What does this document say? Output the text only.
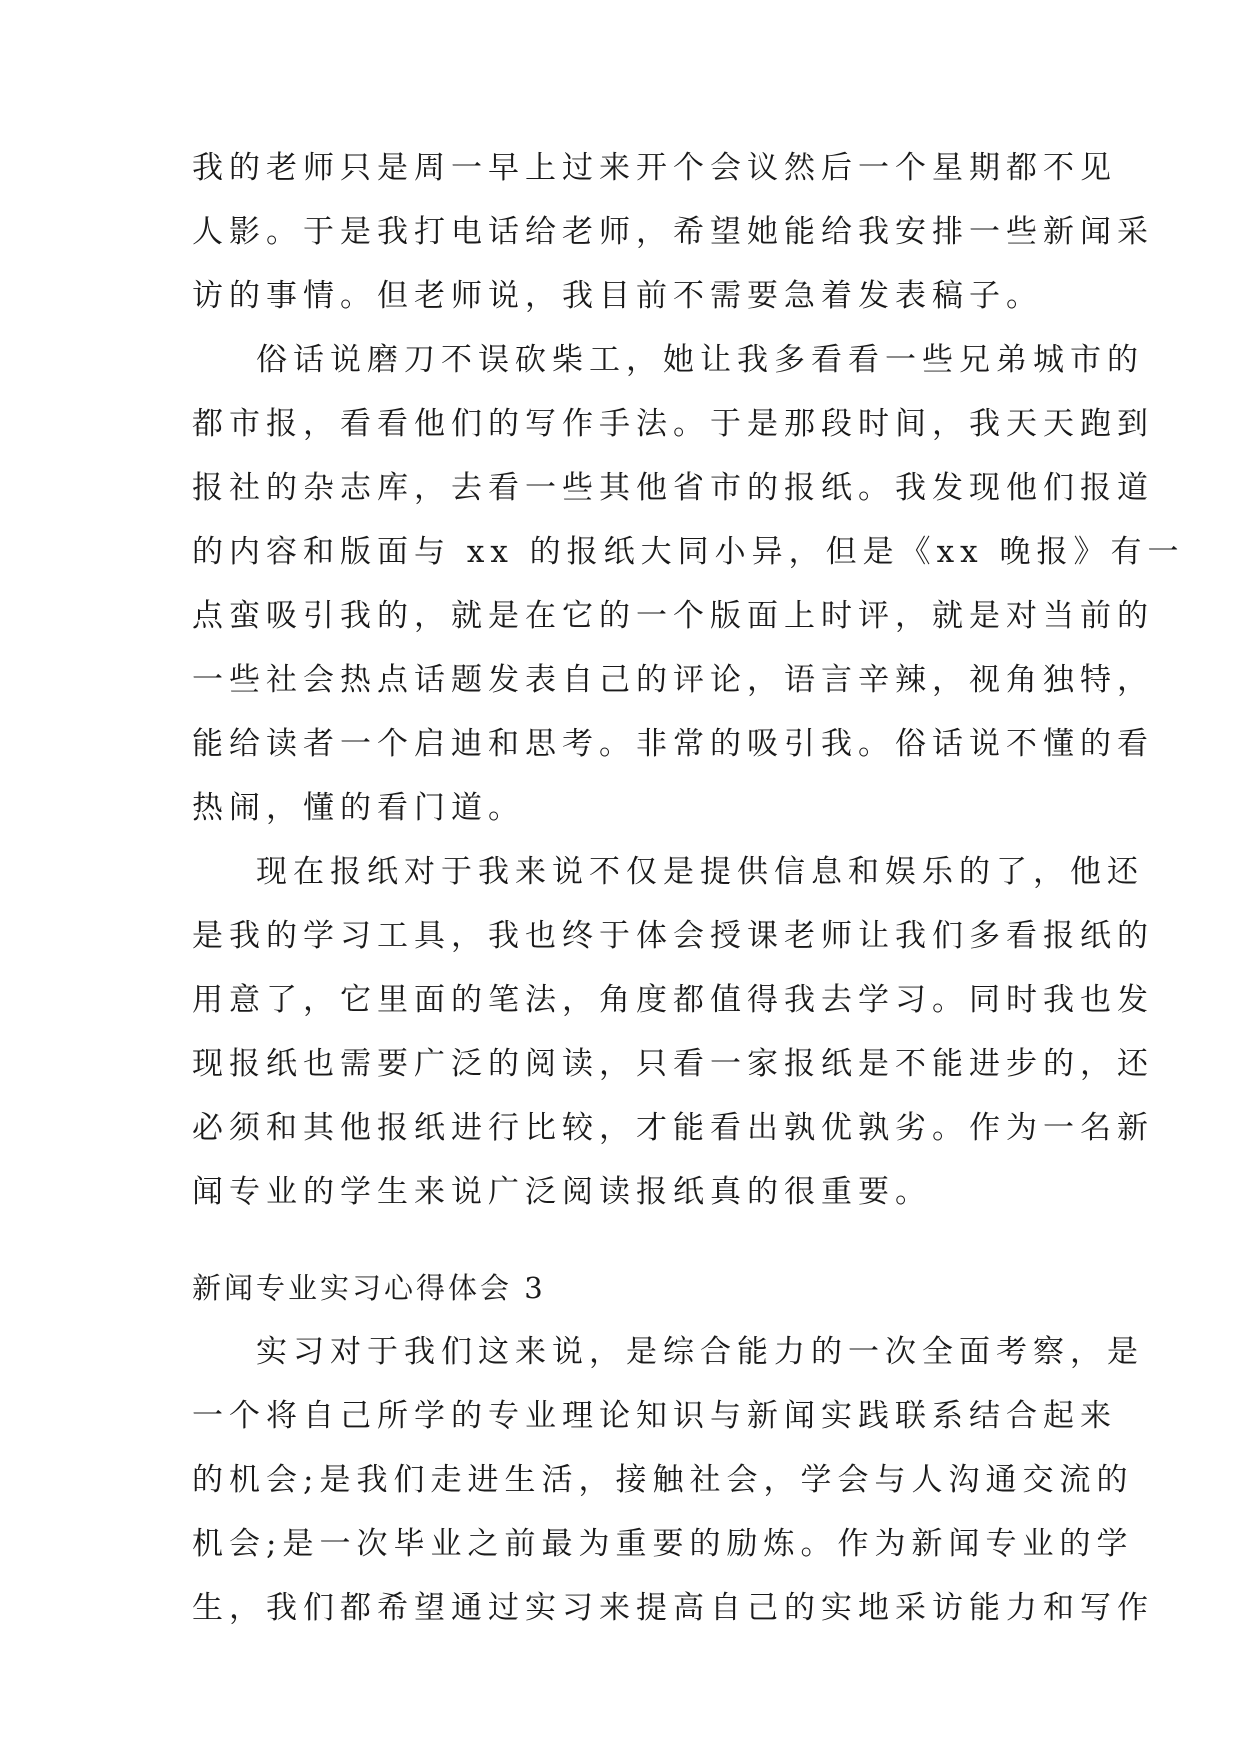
我的老师只是周一早上过来开个会议然后一个星期都不见
人影。于是我打电话给老师，希望她能给我安排一些新闻采
访的事情。但老师说，我目前不需要急着发表稿子。
俗话说磨刀不误砍柴工，她让我多看看一些兄弟城市的
都市报，看看他们的写作手法。于是那段时间，我天天跑到
报社的杂志库，去看一些其他省市的报纸。我发现他们报道
的内容和版面与 xx 的报纸大同小异，但是《xx 晚报》有一
点蛮吸引我的，就是在它的一个版面上时评，就是对当前的
一些社会热点话题发表自己的评论，语言辛辣，视角独特，
能给读者一个启迪和思考。非常的吸引我。俗话说不懂的看
热闹，懂的看门道。
现在报纸对于我来说不仅是提供信息和娱乐的了，他还
是我的学习工具，我也终于体会授课老师让我们多看报纸的
用意了，它里面的笔法，角度都值得我去学习。同时我也发
现报纸也需要广泛的阅读，只看一家报纸是不能进步的，还
必须和其他报纸进行比较，才能看出孰优孰劣。作为一名新
闻专业的学生来说广泛阅读报纸真的很重要。
新闻专业实习心得体会 3
实习对于我们这来说，是综合能力的一次全面考察，是
一个将自己所学的专业理论知识与新闻实践联系结合起来
的机会;是我们走进生活，接触社会，学会与人沟通交流的
机会;是一次毕业之前最为重要的励炼。作为新闻专业的学
生，我们都希望通过实习来提高自己的实地采访能力和写作
